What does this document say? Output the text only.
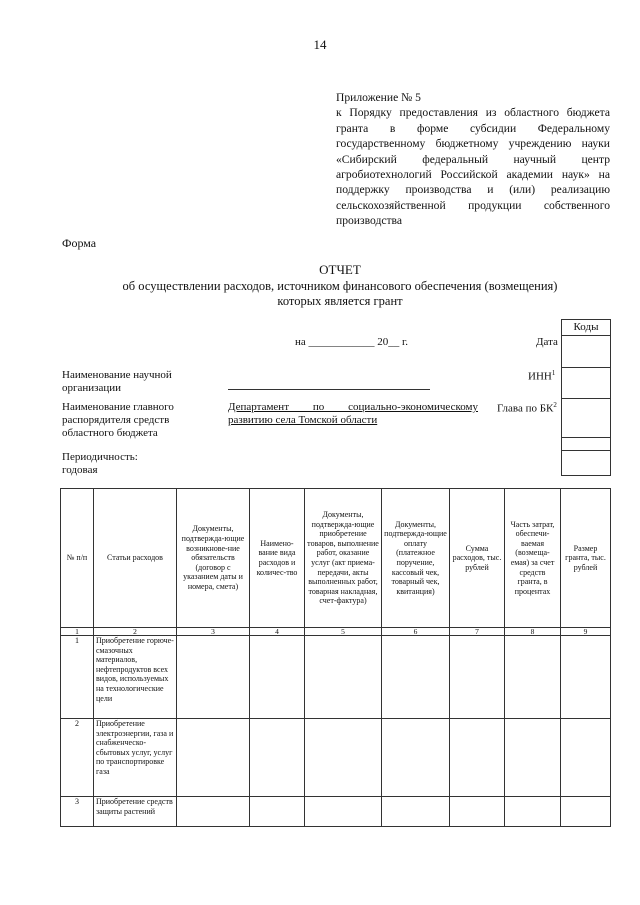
14
Приложение № 5
к Порядку предоставления из областного бюджета гранта в форме субсидии Федеральному государственному бюджетному учреждению науки «Сибирский федеральный научный центр агробиотехнологий Российской академии наук» на поддержку производства и (или) реализацию сельскохозяйственной продукции собственного производства
Форма
ОТЧЕТ
об осуществлении расходов, источником финансового обеспечения (возмещения)
которых является грант
Коды
на ____________ 20__ г.	Дата
Наименование научной организации
ИНН$^1$
Наименование главного распорядителя средств областного бюджета
Департамент по социально-экономическому
развитию села Томской области
Глава по $БК^2$
Периодичность:
годовая
№ п/п	Статьи расходов	Документы, подтвержда-ющие возникнове-ние обязательств (договор с указанием даты и номера, смета)	Наимено-вание вида расходов и количес-тво	Документы, подтвержда-ющие приобретение товаров, выполнение работ, оказание услуг (акт приема-передачи, акты выполненных работ, товарная накладная, счет-фактура)	Документы, подтвержда-ющие оплату (платежное поручение, кассовый чек, товарный чек, квитанция)	Сумма расходов, тыс. рублей	Часть затрат, обеспечи-ваемая (возмеща-емая) за счет средств гранта, в процентах	Размер гранта, тыс. рублей
1	2	3	4	5	6	7	8	9
1	Приобретение горюче-смазочных материалов, нефтепродуктов всех видов, используемых на технологические цели							
2	Приобретение электроэнергии, газа и снабженческо-сбытовых услуг, услуг по транспортировке газа							
3	Приобретение средств защиты растений							
